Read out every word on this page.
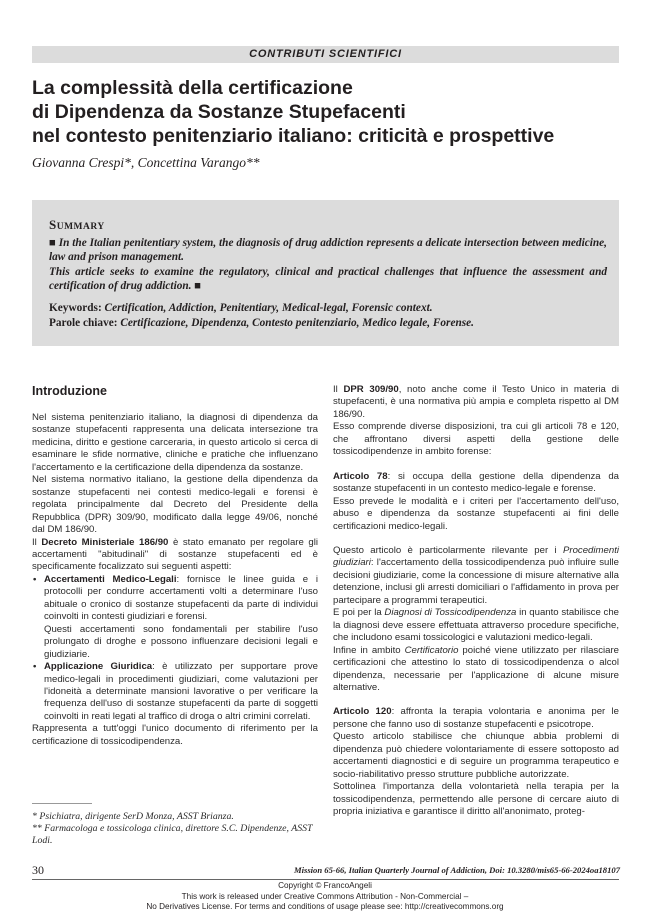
CONTRIBUTI SCIENTIFICI
La complessità della certificazione
di Dipendenza da Sostanze Stupefacenti
nel contesto penitenziario italiano: criticità e prospettive
Giovanna Crespi*, Concettina Varango**
SUMMARY

■ In the Italian penitentiary system, the diagnosis of drug addiction represents a delicate intersection between medicine, law and prison management.

This article seeks to examine the regulatory, clinical and practical challenges that influence the assessment and certification of drug addiction. ■

Keywords: Certification, Addiction, Penitentiary, Medical-legal, Forensic context.
Parole chiave: Certificazione, Dipendenza, Contesto penitenziario, Medico legale, Forense.
Introduzione

Nel sistema penitenziario italiano, la diagnosi di dipendenza da sostanze stupefacenti rappresenta una delicata intersezione tra medicina, diritto e gestione carceraria, in questo articolo si cerca di esaminare le sfide normative, cliniche e pratiche che influenzano l'accertamento e la certificazione della dipendenza da sostanze.

Nel sistema normativo italiano, la gestione della dipendenza da sostanze stupefacenti nei contesti medico-legali e forensi è regolata principalmente dal Decreto del Presidente della Repubblica (DPR) 309/90, modificato dalla legge 49/06, nonché dal DM 186/90.

Il Decreto Ministeriale 186/90 è stato emanato per regolare gli accertamenti "abitudinali" di sostanze stupefacenti ed è specificamente focalizzato sui seguenti aspetti:

• Accertamenti Medico-Legali: fornisce le linee guida e i protocolli per condurre accertamenti volti a determinare l'uso abituale o cronico di sostanze stupefacenti da parte di individui coinvolti in contesti giudiziari e forensi.
Questi accertamenti sono fondamentali per stabilire l'uso prolungato di droghe e possono influenzare decisioni legali e giudiziarie.
• Applicazione Giuridica: è utilizzato per supportare prove medico-legali in procedimenti giudiziari, come valutazioni per l'idoneità a determinate mansioni lavorative o per verificare la frequenza dell'uso di sostanze stupefacenti da parte di soggetti coinvolti in reati legati al traffico di droga o altri crimini correlati.

Rappresenta a tutt'oggi l'unico documento di riferimento per la certificazione di tossicodipendenza.

* Psichiatra, dirigente SerD Monza, ASST Brianza.
** Farmacologa e tossicologa clinica, direttore S.C. Dipendenze, ASST Lodi.

Il DPR 309/90, noto anche come il Testo Unico in materia di stupefacenti, è una normativa più ampia e completa rispetto al DM 186/90.

Esso comprende diverse disposizioni, tra cui gli articoli 78 e 120, che affrontano diversi aspetti della gestione delle tossicodipendenze in ambito forense:

Articolo 78: si occupa della gestione della dipendenza da sostanze stupefacenti in un contesto medico-legale e forense.

Esso prevede le modalità e i criteri per l'accertamento dell'uso, abuso e dipendenza da sostanze stupefacenti ai fini delle certificazioni medico-legali.

Questo articolo è particolarmente rilevante per i Procedimenti giudiziari: l'accertamento della tossicodipendenza può influire sulle decisioni giudiziarie, come la concessione di misure alternative alla detenzione, inclusi gli arresti domiciliari o l'affidamento in prova per partecipare a programmi terapeutici.

E poi per la Diagnosi di Tossicodipendenza in quanto stabilisce che la diagnosi deve essere effettuata attraverso procedure specifiche, che includono esami tossicologici e valutazioni medico-legali.

Infine in ambito Certificatorio poiché viene utilizzato per rilasciare certificazioni che attestino lo stato di tossicodipendenza o alcol dipendenza, necessarie per l'applicazione di alcune misure alternative.

Articolo 120: affronta la terapia volontaria e anonima per le persone che fanno uso di sostanze stupefacenti e psicotrope.

Questo articolo stabilisce che chiunque abbia problemi di dipendenza può chiedere volontariamente di essere sottoposto ad accertamenti diagnostici e di seguire un programma terapeutico e socio-riabilitativo presso strutture pubbliche autorizzate.

Sottolinea l'importanza della volontarietà nella terapia per la tossicodipendenza, permettendo alle persone di cercare aiuto di propria iniziativa e garantisce il diritto all'anonimato, proteg-

30	Mission 65-66, Italian Quarterly Journal of Addiction, Doi: 10.3280/mis65-66-2024oa18107
Copyright © FrancoAngeli
This work is released under Creative Commons Attribution - Non-Commercial –
No Derivatives License. For terms and conditions of usage please see: http://creativecommons.org
